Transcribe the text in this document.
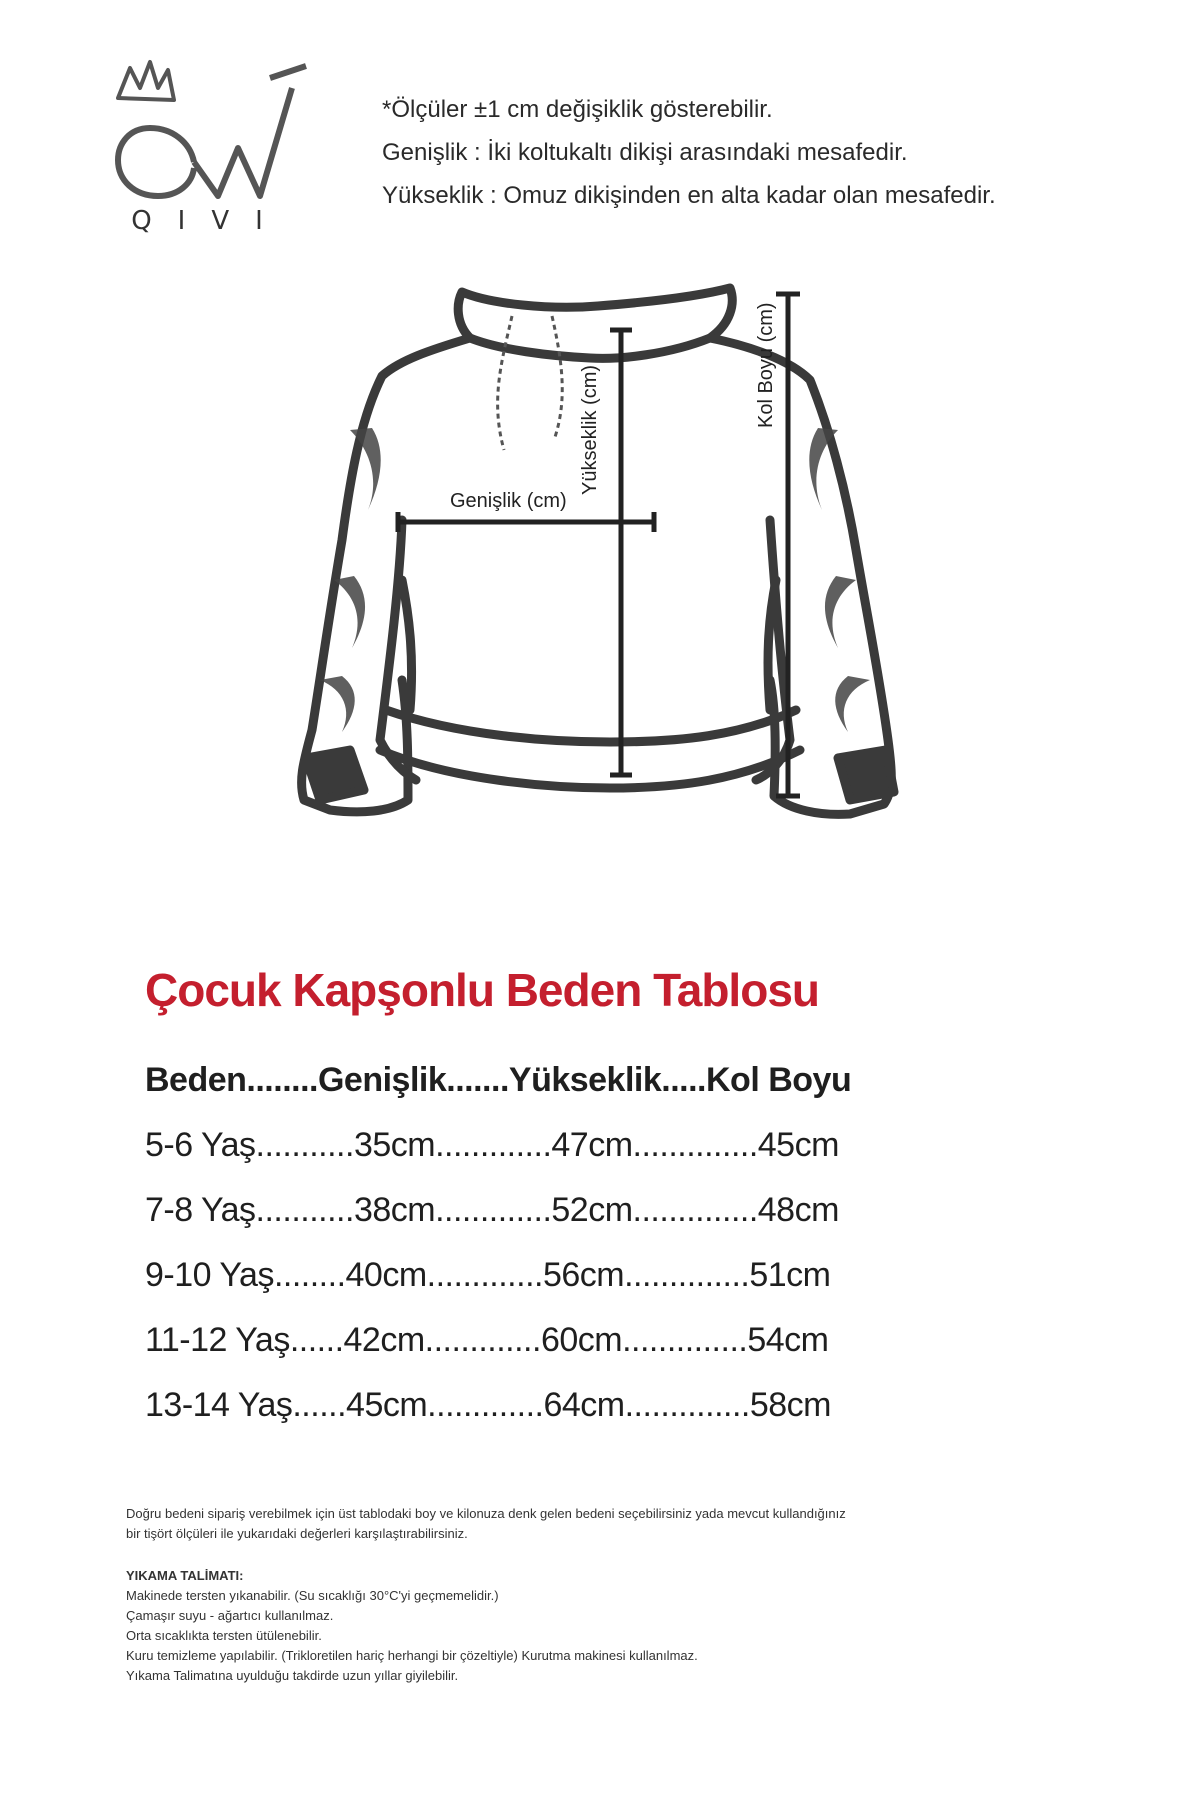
QIVI
*Ölçüler ±1 cm değişiklik gösterebilir.
Genişlik : İki koltukaltı dikişi arasındaki mesafedir.
Yükseklik : Omuz dikişinden en alta kadar olan mesafedir.
Genişlik (cm)
Yükseklik (cm)	Kol Boyu (cm)
Çocuk Kapşonlu Beden Tablosu
Beden........Genişlik.......Yükseklik.....Kol Boyu
5-6 Yaş...........35cm.............47cm..............45cm
7-8 Yaş...........38cm.............52cm..............48cm
9-10 Yaş........40cm.............56cm..............51cm
11-12 Yaş......42cm.............60cm..............54cm
13-14 Yaş......45cm.............64cm..............58cm

Doğru bedeni sipariş verebilmek için üst tablodaki boy ve kilonuza denk gelen bedeni seçebilirsiniz yada mevcut kullandığınız

bir tişört ölçüleri ile yukarıdaki değerleri karşılaştırabilirsiniz.

YIKAMA TALİMATI:

Makinede tersten yıkanabilir. (Su sıcaklığı 30°C'yi geçmemelidir.)

Çamaşır suyu - ağartıcı kullanılmaz.

Orta sıcaklıkta tersten ütülenebilir.

Kuru temizleme yapılabilir. (Trikloretilen hariç herhangi bir çözeltiyle) Kurutma makinesi kullanılmaz.

Yıkama Talimatına uyulduğu takdirde uzun yıllar giyilebilir.
